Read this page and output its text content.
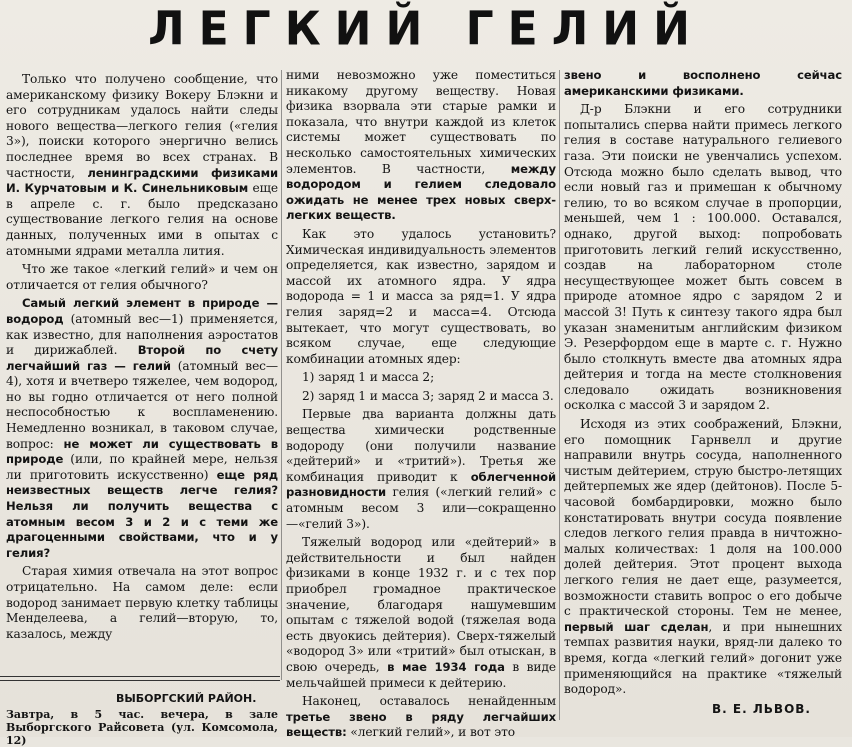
ЛЕГКИЙ ГЕЛИЙ

Только что получено сообщение, что американскому физику Вокеру Блэкни и его сотрудникам удалось найти следы нового вещества—легкого гелия («гелия 3»), поиски которого энергично велись последнее время во всех странах. В частности, ленинградскими физиками И. Курчатовым и К. Синельниковым еще в апреле с. г. было предсказано существование легкого гелия на основе данных, полученных ими в опытах с атомными ядрами металла лития.

Что же такое «легкий гелий» и чем он отличается от гелия обычного?

Самый легкий элемент в природе — водород (атомный вес—1) применяется, как известно, для наполнения аэростатов и дирижаблей. Второй по счету легчайший газ — гелий (атомный вес—4), хотя и вчетверо тяжелее, чем водород, но вы годно отличается от него полной неспособностью к воспламенению. Немедленно возникал, в таковом случае, вопрос: не может ли существовать в природе (или, по крайней мере, нельзя ли приготовить искусственно) еще ряд неизвестных веществ легче гелия? Нельзя ли получить вещества с атомным весом 3 и 2 и с теми же драгоценными свойствами, что и у гелия?

Старая химия отвечала на этот вопрос отрицательно. На самом деле: если водород занимает первую клетку таблицы Менделеева, а гелий—вторую, то, казалось, между

ними невозможно уже поместиться никакому другому веществу. Новая физика взорвала эти старые рамки и показала, что внутри каждой из клеток системы может существовать по несколько самостоятельных химических элементов. В частности, между водородом и гелием следовало ожидать не менее трех новых сверх-легких веществ.

Как это удалось установить? Химическая индивидуальность элементов определяется, как известно, зарядом и массой их атомного ядра. У ядра водорода = 1 и масса за ряд=1. У ядра гелия заряд=2 и масса=4. Отсюда вытекает, что могут существовать, во всяком случае, еще следующие комбинации атомных ядер:

1) заряд 1 и масса 2;

2) заряд 1 и масса 3; заряд 2 и масса 3.

Первые два варианта должны дать вещества химически родственные водороду (они получили название «дейтерий» и «тритий»). Третья же комбинация приводит к облегченной разновидности гелия («легкий гелий» с атомным весом 3 или—сокращенно—«гелий 3»).

Тяжелый водород или «дейтерий» в действительности и был найден физиками в конце 1932 г. и с тех пор приобрел громадное практическое значение, благодаря нашумевшим опытам с тяжелой водой (тяжелая вода есть двуокись дейтерия). Сверх-тяжелый «водород 3» или «тритий» был отыскан, в свою очередь, в мае 1934 года в виде мельчайшей примеси к дейтерию.

Наконец, оставалось ненайденным третье звено в ряду легчайших веществ: «легкий гелий», и вот это

звено и восполнено сейчас американскими физиками.

Д-р Блэкни и его сотрудники попытались сперва найти примесь легкого гелия в составе натурального гелиевого газа. Эти поиски не увенчались успехом. Отсюда можно было сделать вывод, что если новый газ и примешан к обычному гелию, то во всяком случае в пропорции, меньшей, чем 1 : 100.000. Оставался, однако, другой выход: попробовать приготовить легкий гелий искусственно, создав на лабораторном столе несуществующее может быть совсем в природе атомное ядро с зарядом 2 и массой 3! Путь к синтезу такого ядра был указан знаменитым английским физиком Э. Резерфордом еще в марте с. г. Нужно было столкнуть вместе два атомных ядра дейтерия и тогда на месте столкновения следовало ожидать возникновения осколка с массой 3 и зарядом 2.

Исходя из этих соображений, Блэкни, его помощник Гарнвелл и другие направили внутрь сосуда, наполненного чистым дейтерием, струю быстро-летящих дейтерпемых же ядер (дейтонов). После 5-часовой бомбардировки, можно было констатировать внутри сосуда появление следов легкого гелия правда в ничтожно-малых количествах: 1 доля на 100.000 долей дейтерия. Этот процент выхода легкого гелия не дает еще, разумеется, возможности ставить вопрос о его добыче с практической стороны. Тем не менее, первый шаг сделан, и при нынешних темпах развития науки, вряд-ли далеко то время, когда «легкий гелий» догонит уже применяющийся на практике «тяжелый водород».

ВЫБОРГСКИЙ РАЙОН.
Завтра, в 5 час. вечера, в зале Выборгского Райсовета (ул. Комсомола, 12)
В. Е. ЛЬВОВ.
